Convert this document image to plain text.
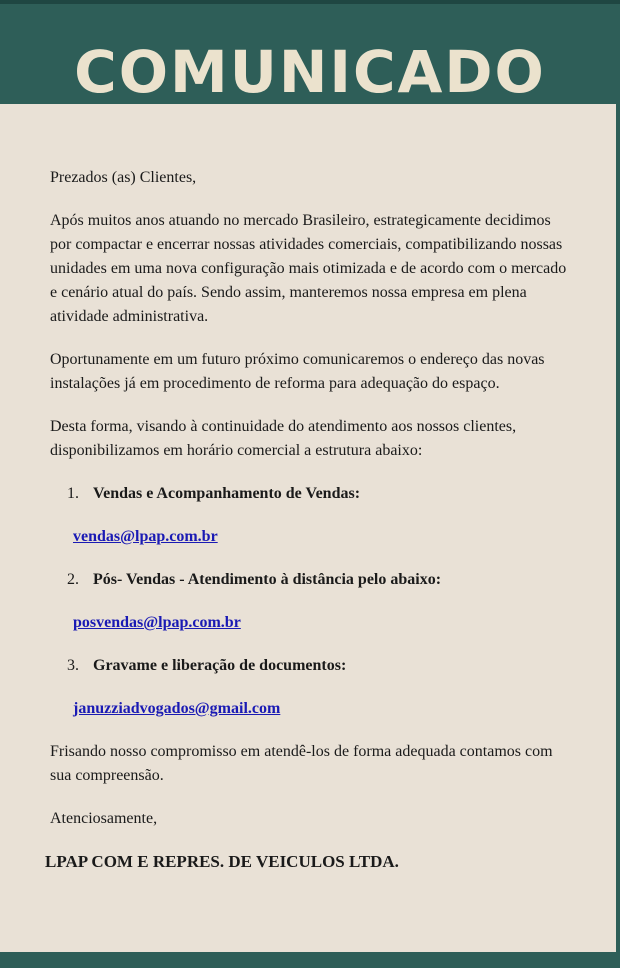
COMUNICADO

Prezados (as) Clientes,

Após muitos anos atuando no mercado Brasileiro, estrategicamente decidimos por compactar e encerrar nossas atividades comerciais, compatibilizando nossas unidades em uma nova configuração mais otimizada e de acordo com o mercado e cenário atual do país. Sendo assim, manteremos nossa empresa em plena atividade administrativa.

Oportunamente em um futuro próximo comunicaremos o endereço das novas instalações já em procedimento de reforma para adequação do espaço.

Desta forma, visando à continuidade do atendimento aos nossos clientes, disponibilizamos em horário comercial a estrutura abaixo:

1. Vendas e Acompanhamento de Vendas:
vendas@lpap.com.br
2. Pós- Vendas - Atendimento à distância pelo abaixo:
posvendas@lpap.com.br
3. Gravame e liberação de documentos:
januzziadvogados@gmail.com

Frisando nosso compromisso em atendê-los de forma adequada contamos com sua compreensão.

Atenciosamente,

LPAP COM E REPRES. DE VEICULOS LTDA.
